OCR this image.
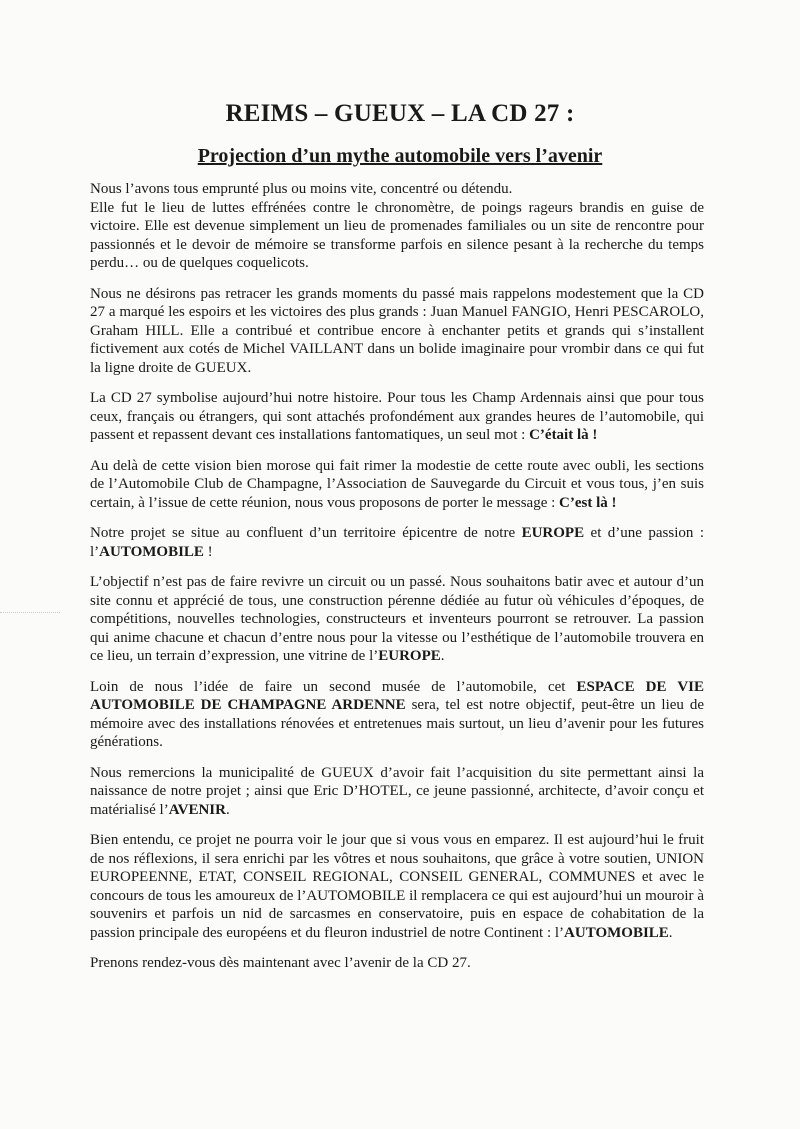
REIMS – GUEUX – LA CD 27 :
Projection d’un mythe automobile vers l’avenir

Nous l’avons tous emprunté plus ou moins vite, concentré ou détendu.
Elle fut le lieu de luttes effrénées contre le chronomètre, de poings rageurs brandis en guise de victoire. Elle est devenue simplement un lieu de promenades familiales ou un site de rencontre pour passionnés et le devoir de mémoire se transforme parfois en silence pesant à la recherche du temps perdu… ou de quelques coquelicots.

Nous ne désirons pas retracer les grands moments du passé mais rappelons modestement que la CD 27 a marqué les espoirs et les victoires des plus grands : Juan Manuel FANGIO, Henri PESCAROLO, Graham HILL. Elle a contribué et contribue encore à enchanter petits et grands qui s’installent fictivement aux cotés de Michel VAILLANT dans un bolide imaginaire pour vrombir dans ce qui fut la ligne droite de GUEUX.

La CD 27 symbolise aujourd’hui notre histoire. Pour tous les Champ Ardennais ainsi que pour tous ceux, français ou étrangers, qui sont attachés profondément aux grandes heures de l’automobile, qui passent et repassent devant ces installations fantomatiques, un seul mot : C’était là !

Au delà de cette vision bien morose qui fait rimer la modestie de cette route avec oubli, les sections de l’Automobile Club de Champagne, l’Association de Sauvegarde du Circuit et vous tous, j’en suis certain, à l’issue de cette réunion, nous vous proposons de porter le message : C’est là !

Notre projet se situe au confluent d’un territoire épicentre de notre EUROPE et d’une passion : l’AUTOMOBILE !

L’objectif n’est pas de faire revivre un circuit ou un passé. Nous souhaitons batir avec et autour d’un site connu et apprécié de tous, une construction pérenne dédiée au futur où véhicules d’époques, de compétitions, nouvelles technologies, constructeurs et inventeurs pourront se retrouver. La passion qui anime chacune et chacun d’entre nous pour la vitesse ou l’esthétique de l’automobile trouvera en ce lieu, un terrain d’expression, une vitrine de l’EUROPE.

Loin de nous l’idée de faire un second musée de l’automobile, cet ESPACE DE VIE AUTOMOBILE DE CHAMPAGNE ARDENNE sera, tel est notre objectif, peut-être un lieu de mémoire avec des installations rénovées et entretenues mais surtout, un lieu d’avenir pour les futures générations.

Nous remercions la municipalité de GUEUX d’avoir fait l’acquisition du site permettant ainsi la naissance de notre projet ; ainsi que Eric D’HOTEL, ce jeune passionné, architecte, d’avoir conçu et matérialisé l’AVENIR.

Bien entendu, ce projet ne pourra voir le jour que si vous vous en emparez. Il est aujourd’hui le fruit de nos réflexions, il sera enrichi par les vôtres et nous souhaitons, que grâce à votre soutien, UNION EUROPEENNE, ETAT, CONSEIL REGIONAL, CONSEIL GENERAL, COMMUNES et avec le concours de tous les amoureux de l’AUTOMOBILE il remplacera ce qui est aujourd’hui un mouroir à souvenirs et parfois un nid de sarcasmes en conservatoire, puis en espace de cohabitation de la passion principale des européens et du fleuron industriel de notre Continent : l’AUTOMOBILE.

Prenons rendez-vous dès maintenant avec l’avenir de la CD 27.
